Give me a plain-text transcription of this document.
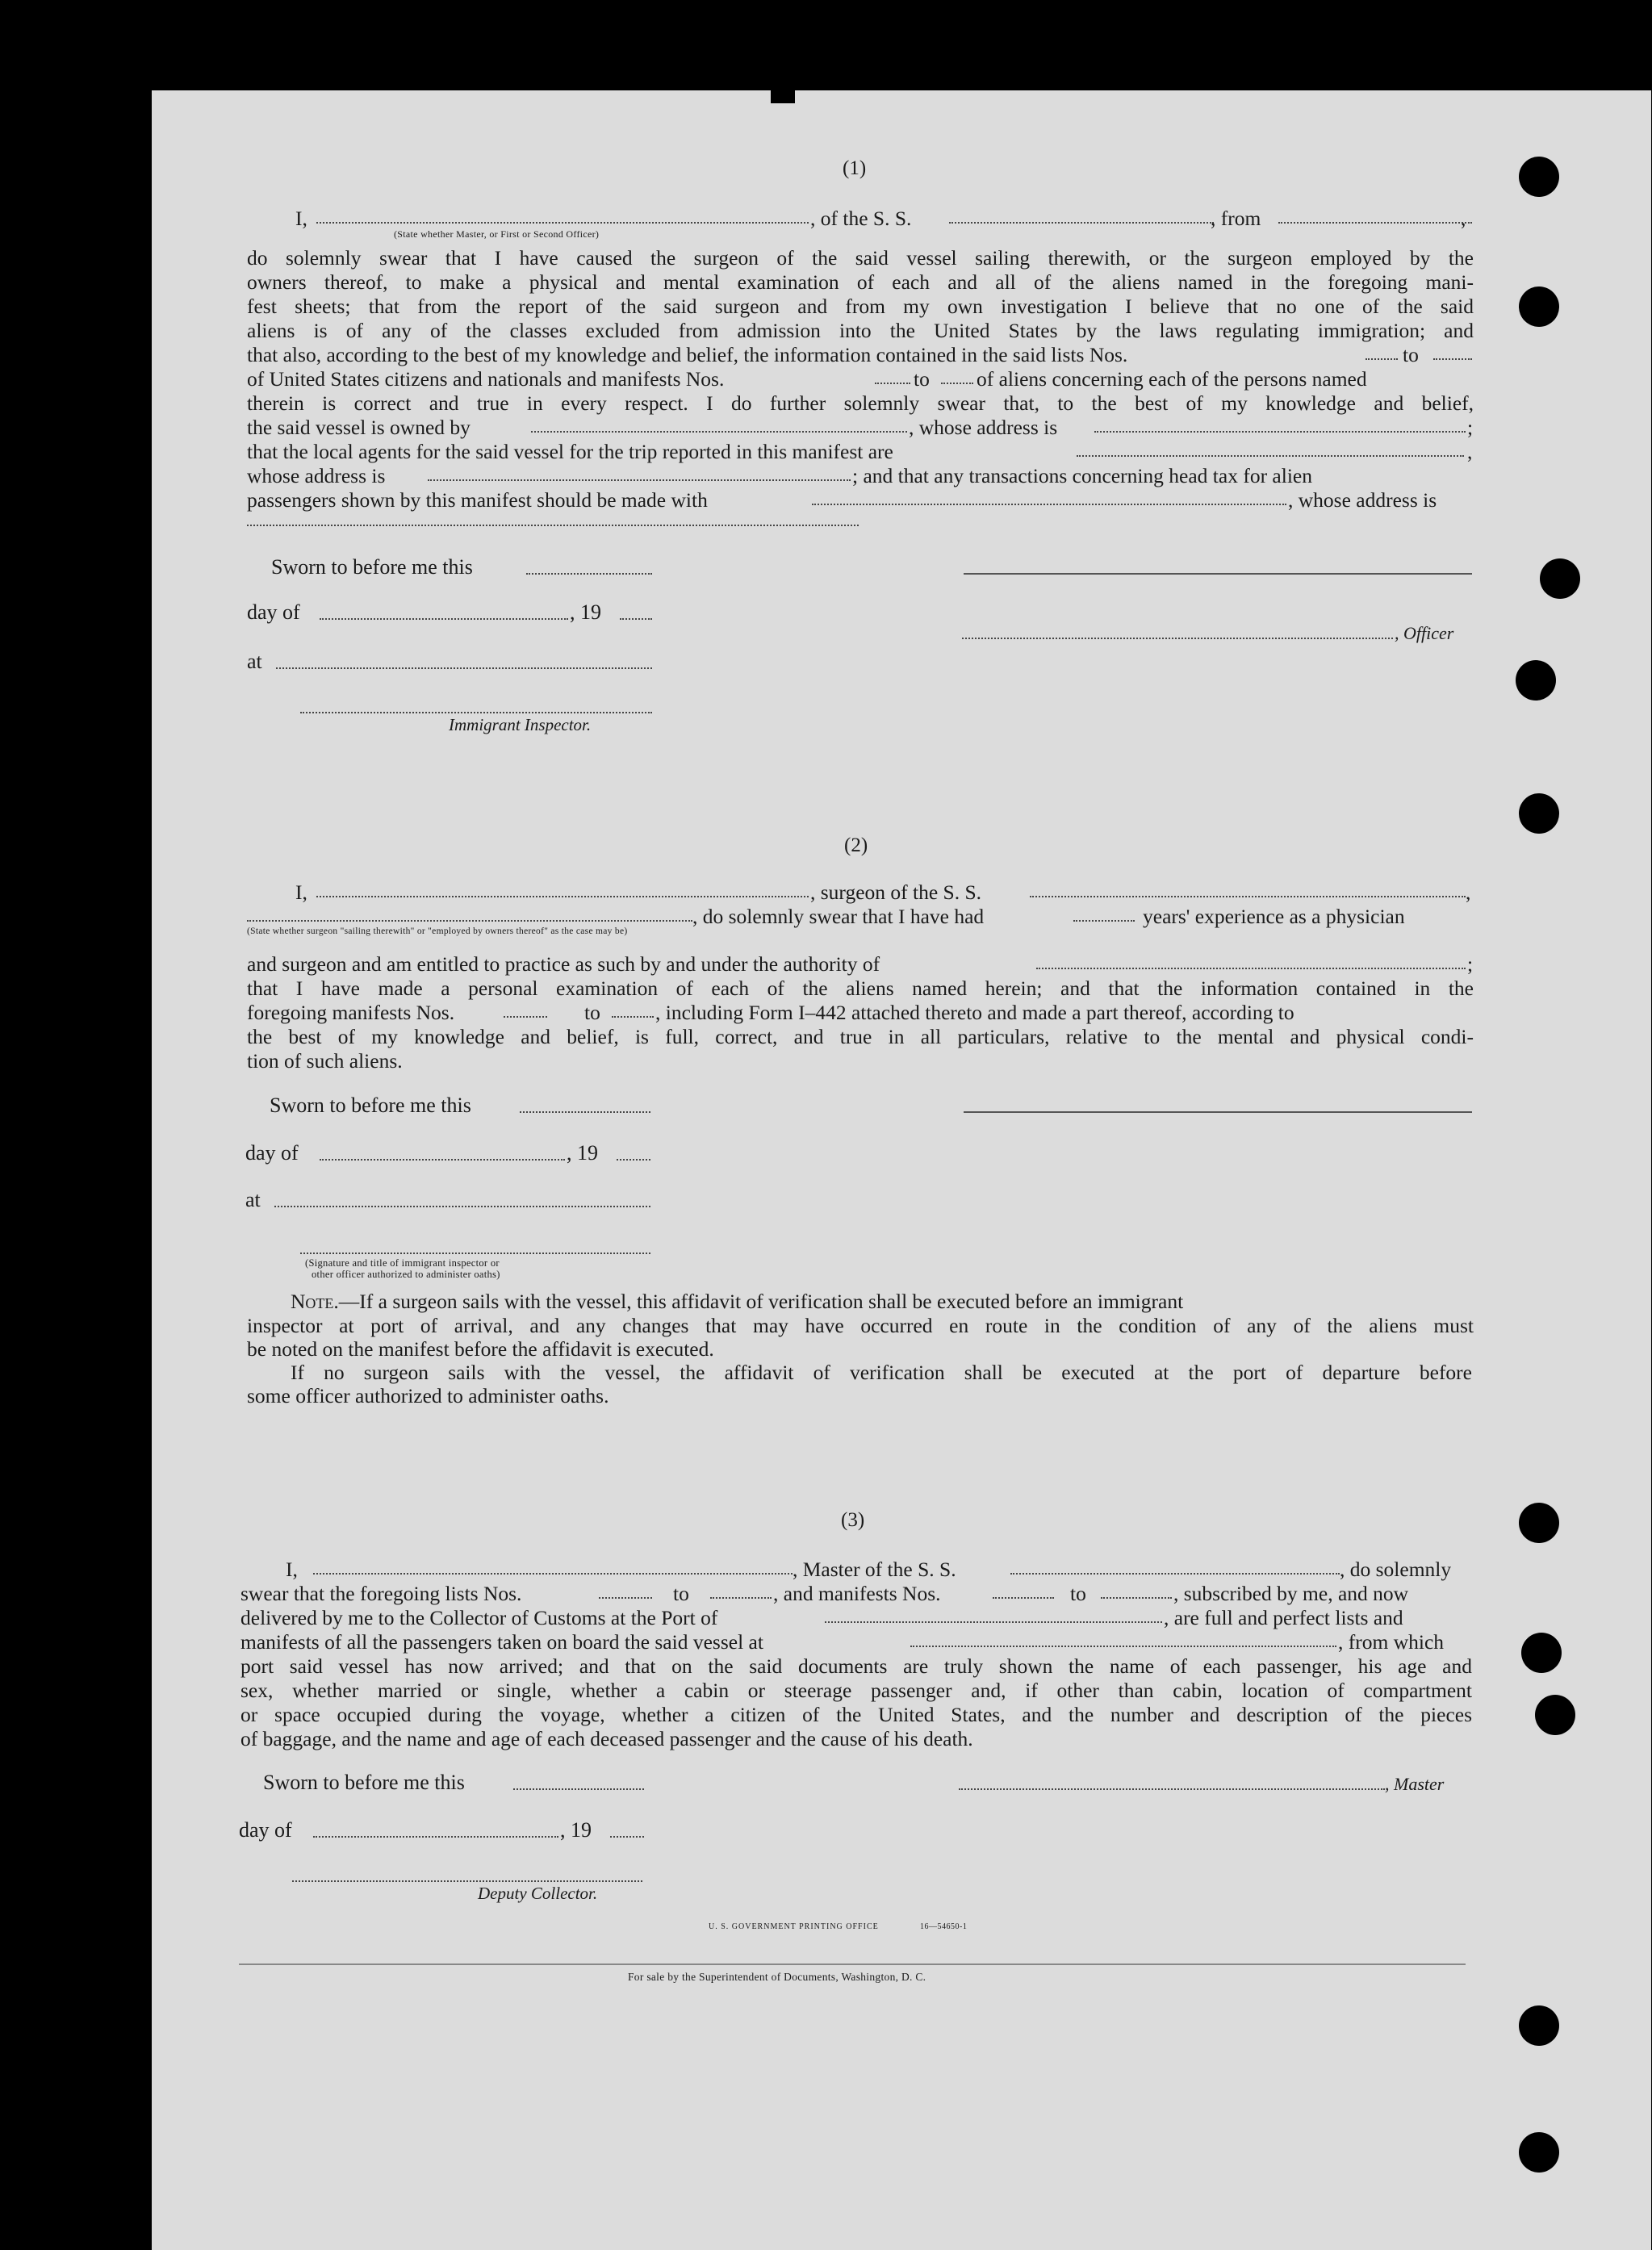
(1)
I,	, of the S. S.	, from	,
(State whether Master, or First or Second Officer)
do solemnly swear that I have caused the surgeon of the said vessel sailing therewith, or the surgeon employed by the
owners thereof, to make a physical and mental examination of each and all of the aliens named in the foregoing mani-
fest sheets; that from the report of the said surgeon and from my own investigation I believe that no one of the said
aliens is of any of the classes excluded from admission into the United States by the laws regulating immigration; and
that also, according to the best of my knowledge and belief, the information contained in the said lists Nos.	to
of United States citizens and nationals and manifests Nos.	to of aliens concerning each of the persons named
therein is correct and true in every respect. I do further solemnly swear that, to the best of my knowledge and belief,
the said vessel is owned by	, whose address is	;
that the local agents for the said vessel for the trip reported in this manifest are	,
whose address is	; and that any transactions concerning head tax for alien
passengers shown by this manifest should be made with	, whose address is
Sworn to before me this
day of	, 19
, Officer
at
Immigrant Inspector.
(2)
I,	, surgeon of the S. S.	,
, do solemnly swear that I have had	years' experience as a physician
(State whether surgeon "sailing therewith" or "employed by owners thereof" as the case may be)
and surgeon and am entitled to practice as such by and under the authority of	;
that I have made a personal examination of each of the aliens named herein; and that the information contained in the
foregoing manifests Nos.	to	, including Form I–442 attached thereto and made a part thereof, according to
the best of my knowledge and belief, is full, correct, and true in all particulars, relative to the mental and physical condi-
tion of such aliens.
Sworn to before me this
day of	, 19
at
(Signature and title of immigrant inspector or
other officer authorized to administer oaths)
Note.—If a surgeon sails with the vessel, this affidavit of verification shall be executed before an immigrant
inspector at port of arrival, and any changes that may have occurred en route in the condition of any of the aliens must
be noted on the manifest before the affidavit is executed.
If no surgeon sails with the vessel, the affidavit of verification shall be executed at the port of departure before
some officer authorized to administer oaths.
(3)
I,	, Master of the S. S.	, do solemnly
swear that the foregoing lists Nos.	to	, and manifests Nos.	to	, subscribed by me, and now
delivered by me to the Collector of Customs at the Port of	, are full and perfect lists and
manifests of all the passengers taken on board the said vessel at	, from which
port said vessel has now arrived; and that on the said documents are truly shown the name of each passenger, his age and
sex, whether married or single, whether a cabin or steerage passenger and, if other than cabin, location of compartment
or space occupied during the voyage, whether a citizen of the United States, and the number and description of the pieces
of baggage, and the name and age of each deceased passenger and the cause of his death.
Sworn to before me this	, Master
day of	, 19
Deputy Collector.
U. S. GOVERNMENT PRINTING OFFICE	16—54650-1
For sale by the Superintendent of Documents, Washington, D. C.
